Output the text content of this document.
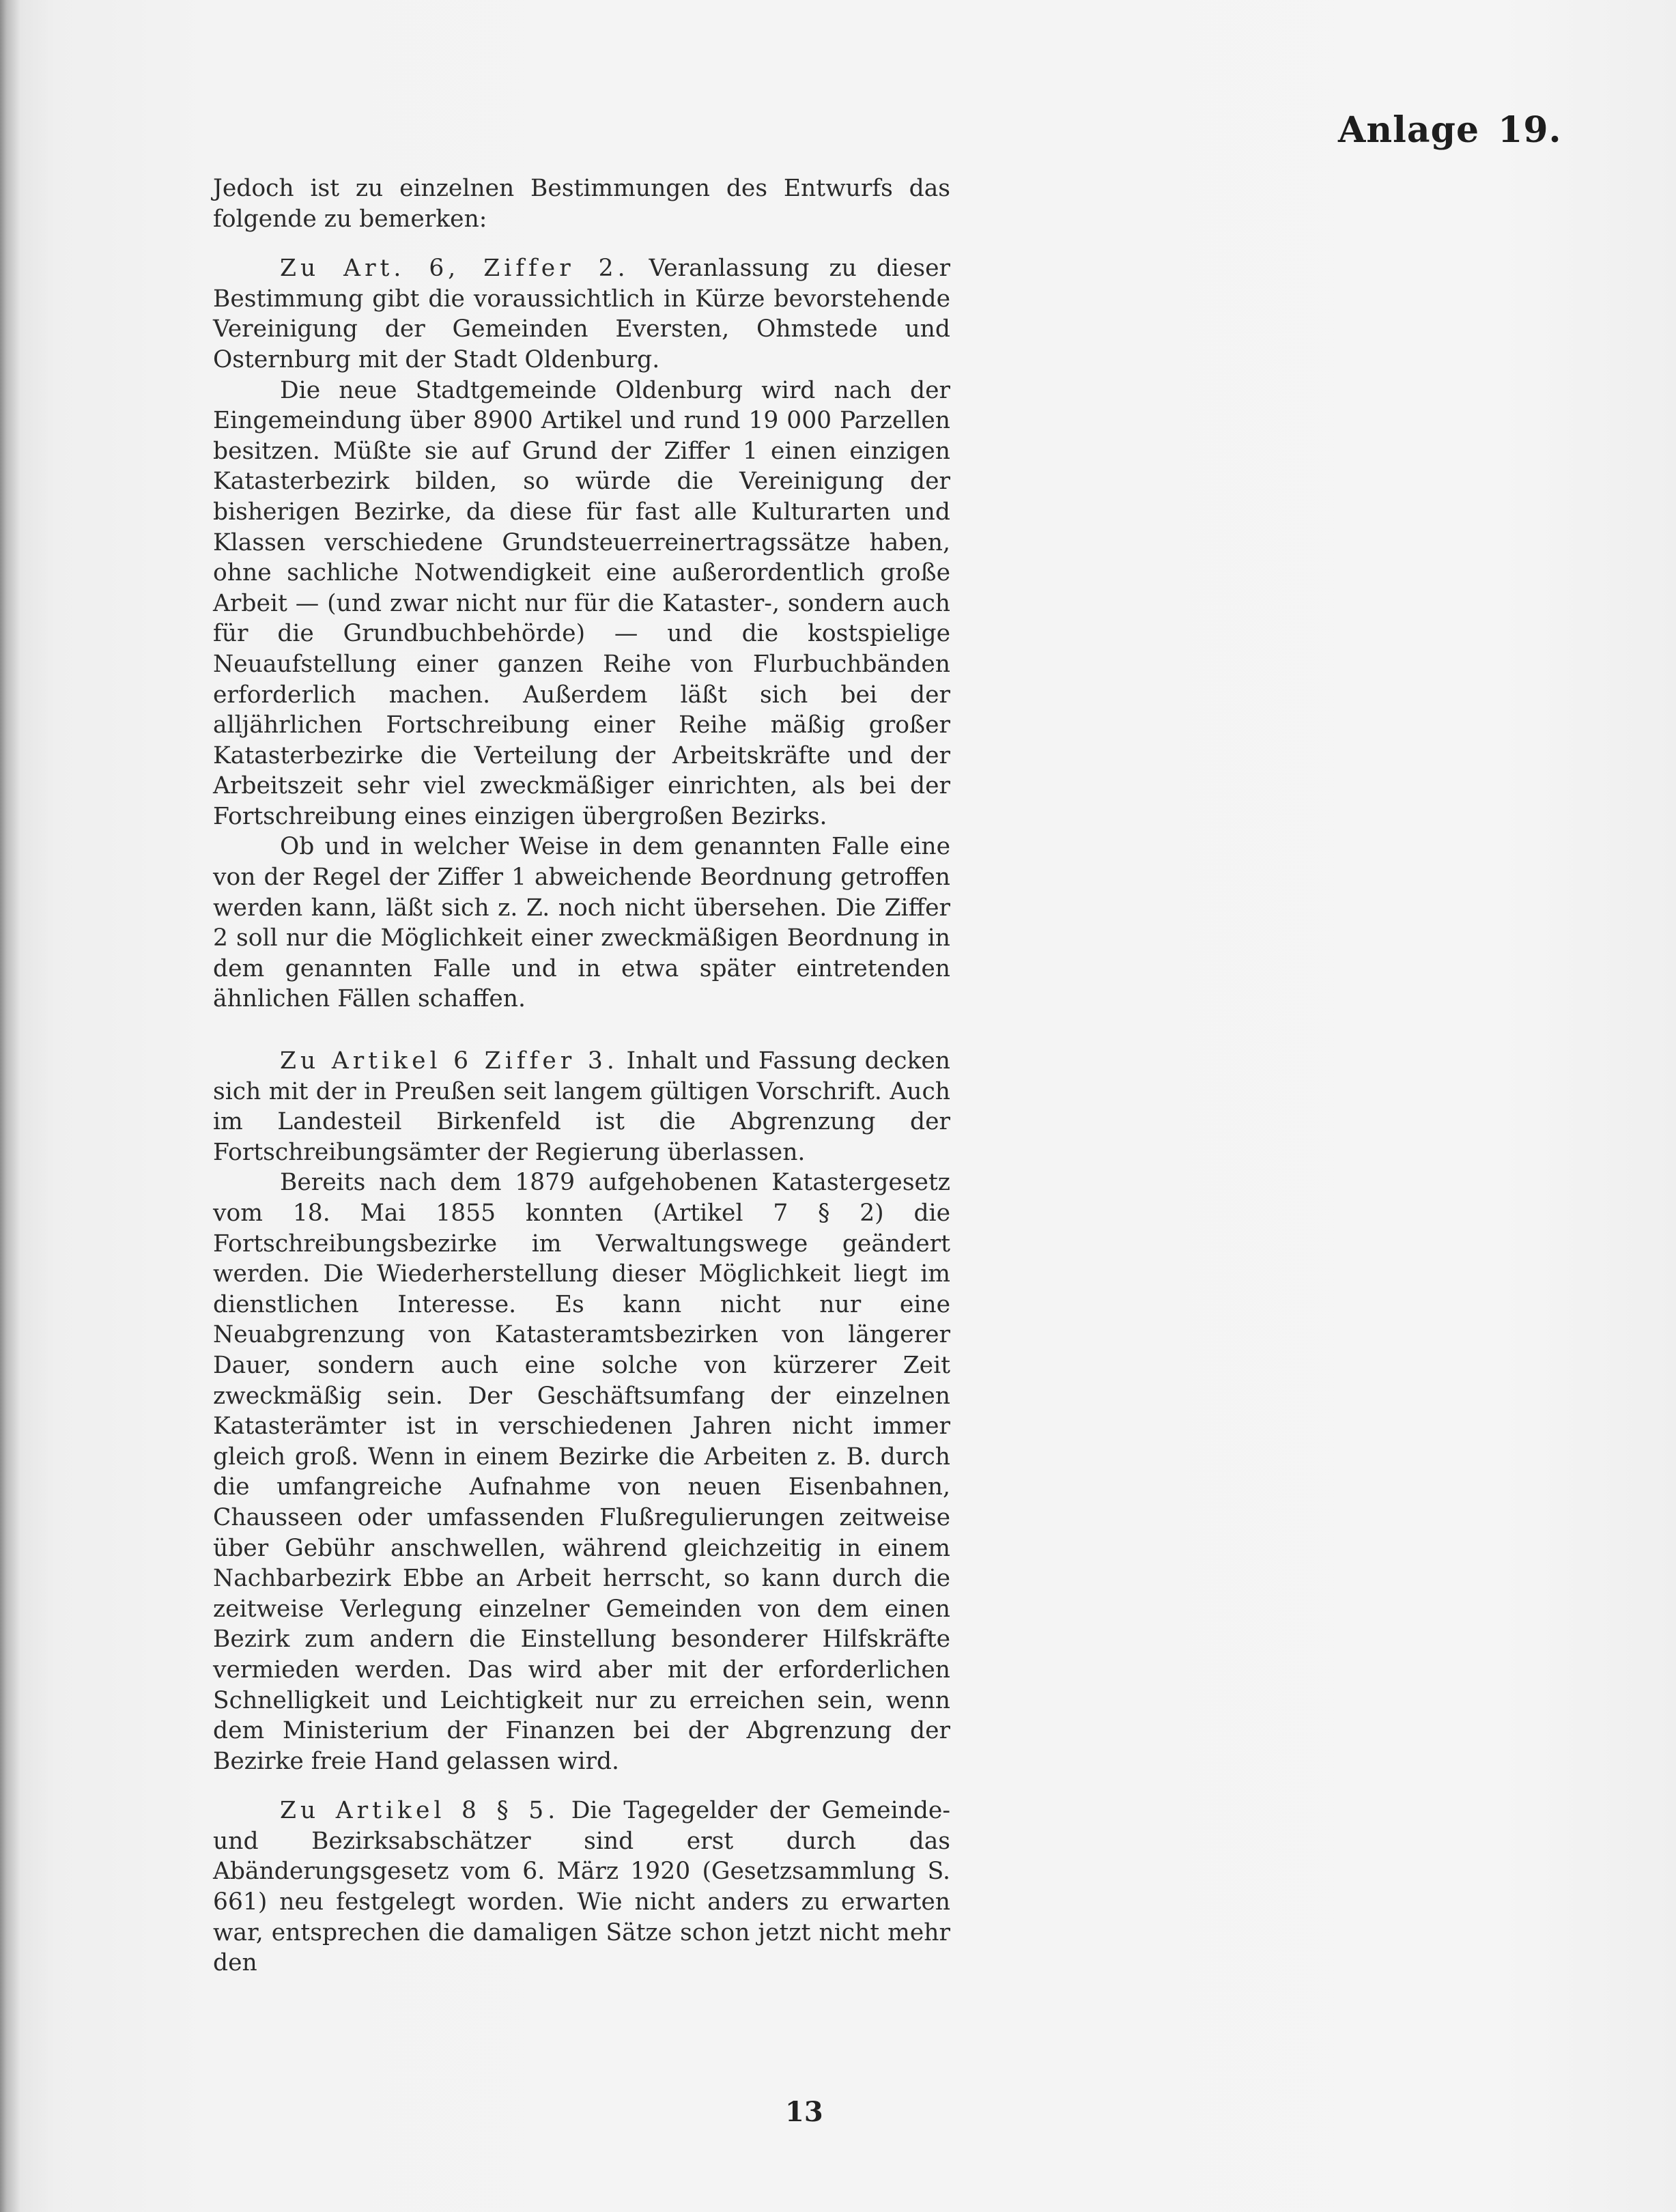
Anlage 19.

Jedoch ist zu einzelnen Bestimmungen des Entwurfs das folgende zu bemerken:

Zu Art. 6, Ziffer 2. Veranlassung zu dieser Bestimmung gibt die voraussichtlich in Kürze bevorstehende Vereinigung der Gemeinden Eversten, Ohmstede und Osternburg mit der Stadt Oldenburg.

Die neue Stadtgemeinde Oldenburg wird nach der Eingemeindung über 8900 Artikel und rund 19 000 Parzellen besitzen. Müßte sie auf Grund der Ziffer 1 einen einzigen Katasterbezirk bilden, so würde die Vereinigung der bisherigen Bezirke, da diese für fast alle Kulturarten und Klassen verschiedene Grundsteuerreinertragssätze haben, ohne sachliche Notwendigkeit eine außerordentlich große Arbeit — (und zwar nicht nur für die Kataster-, sondern auch für die Grundbuchbehörde) — und die kostspielige Neuaufstellung einer ganzen Reihe von Flurbuchbänden erforderlich machen. Außerdem läßt sich bei der alljährlichen Fortschreibung einer Reihe mäßig großer Katasterbezirke die Verteilung der Arbeitskräfte und der Arbeitszeit sehr viel zweckmäßiger einrichten, als bei der Fortschreibung eines einzigen übergroßen Bezirks.

Ob und in welcher Weise in dem genannten Falle eine von der Regel der Ziffer 1 abweichende Beordnung getroffen werden kann, läßt sich z. Z. noch nicht übersehen. Die Ziffer 2 soll nur die Möglichkeit einer zweckmäßigen Beordnung in dem genannten Falle und in etwa später eintretenden ähnlichen Fällen schaffen.

Zu Artikel 6 Ziffer 3. Inhalt und Fassung decken sich mit der in Preußen seit langem gültigen Vorschrift. Auch im Landesteil Birkenfeld ist die Abgrenzung der Fortschreibungsämter der Regierung überlassen.

Bereits nach dem 1879 aufgehobenen Katastergesetz vom 18. Mai 1855 konnten (Artikel 7 § 2) die Fortschreibungsbezirke im Verwaltungswege geändert werden. Die Wiederherstellung dieser Möglichkeit liegt im dienstlichen Interesse. Es kann nicht nur eine Neuabgrenzung von Katasteramtsbezirken von längerer Dauer, sondern auch eine solche von kürzerer Zeit zweckmäßig sein. Der Geschäftsumfang der einzelnen Katasterämter ist in verschiedenen Jahren nicht immer gleich groß. Wenn in einem Bezirke die Arbeiten z. B. durch die umfangreiche Aufnahme von neuen Eisenbahnen, Chausseen oder umfassenden Flußregulierungen zeitweise über Gebühr anschwellen, während gleichzeitig in einem Nachbarbezirk Ebbe an Arbeit herrscht, so kann durch die zeitweise Verlegung einzelner Gemeinden von dem einen Bezirk zum andern die Einstellung besonderer Hilfskräfte vermieden werden. Das wird aber mit der erforderlichen Schnelligkeit und Leichtigkeit nur zu erreichen sein, wenn dem Ministerium der Finanzen bei der Abgrenzung der Bezirke freie Hand gelassen wird.

Zu Artikel 8 § 5. Die Tagegelder der Gemeinde- und Bezirksabschätzer sind erst durch das Abänderungsgesetz vom 6. März 1920 (Gesetzsammlung S. 661) neu festgelegt worden. Wie nicht anders zu erwarten war, entsprechen die damaligen Sätze schon jetzt nicht mehr den

13
